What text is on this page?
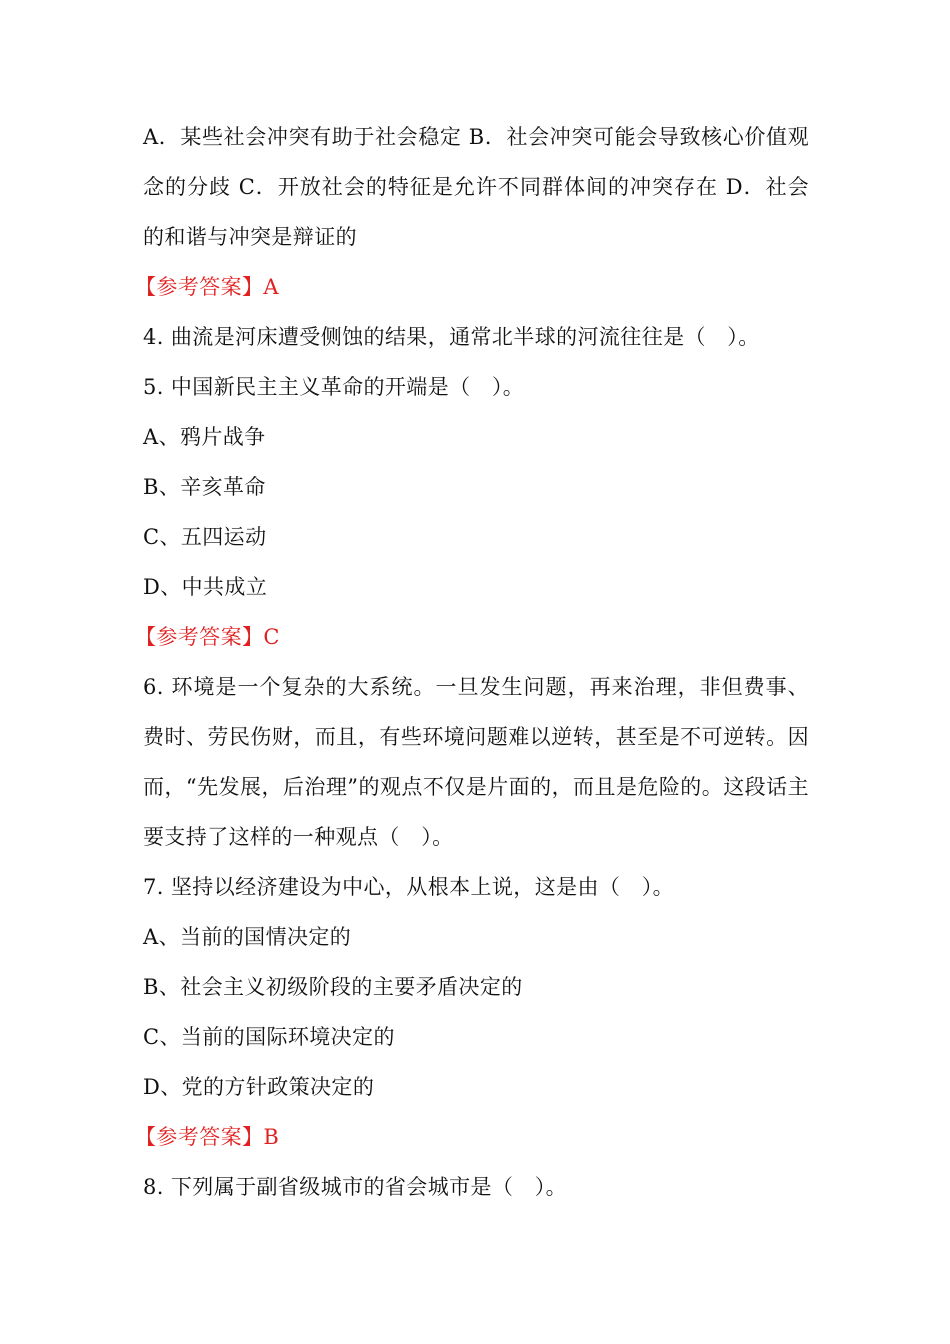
A．某些社会冲突有助于社会稳定 B．社会冲突可能会导致核心价值观念的分歧 C．开放社会的特征是允许不同群体间的冲突存在 D．社会的和谐与冲突是辩证的
【参考答案】A
4. 曲流是河床遭受侧蚀的结果，通常北半球的河流往往是（　）。
5. 中国新民主主义革命的开端是（　）。
A、鸦片战争
B、辛亥革命
C、五四运动
D、中共成立
【参考答案】C
6. 环境是一个复杂的大系统。一旦发生问题，再来治理，非但费事、费时、劳民伤财，而且，有些环境问题难以逆转，甚至是不可逆转。因而，“先发展，后治理”的观点不仅是片面的，而且是危险的。这段话主要支持了这样的一种观点（　）。
7. 坚持以经济建设为中心，从根本上说，这是由（　）。
A、当前的国情决定的
B、社会主义初级阶段的主要矛盾决定的
C、当前的国际环境决定的
D、党的方针政策决定的
【参考答案】B
8. 下列属于副省级城市的省会城市是（　）。
